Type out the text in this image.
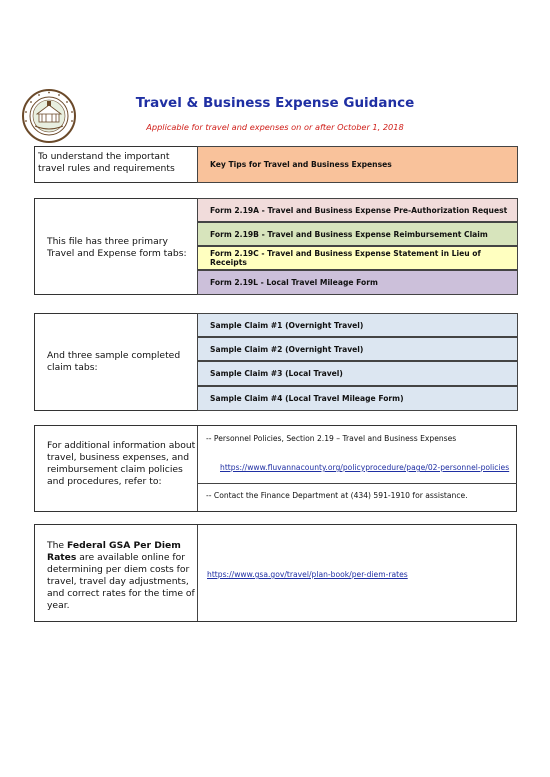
Travel & Business Expense Guidance
Applicable for travel and expenses on or after October 1, 2018
To understand the important travel rules and requirements	Key Tips for Travel and Business Expenses
This file has three primary Travel and Expense form tabs:
Form 2.19A - Travel and Business Expense Pre-Authorization Request
Form 2.19B - Travel and Business Expense Reimbursement Claim
Form 2.19C - Travel and Business Expense Statement in Lieu of Receipts
Form 2.19L - Local Travel Mileage Form
And three sample completed claim tabs:
Sample Claim #1 (Overnight Travel)
Sample Claim #2 (Overnight Travel)
Sample Claim #3 (Local Travel)
Sample Claim #4 (Local Travel Mileage Form)
For additional information about travel, business expenses, and reimbursement claim policies and procedures, refer to:
-- Personnel Policies, Section 2.19 – Travel and Business Expenses
https://www.fluvannacounty.org/policyprocedure/page/02-personnel-policies
-- Contact the Finance Department at (434) 591-1910 for assistance.
The Federal GSA Per Diem Rates are available online for determining per diem costs for travel, travel day adjustments, and correct rates for the time of year.
https://www.gsa.gov/travel/plan-book/per-diem-rates
